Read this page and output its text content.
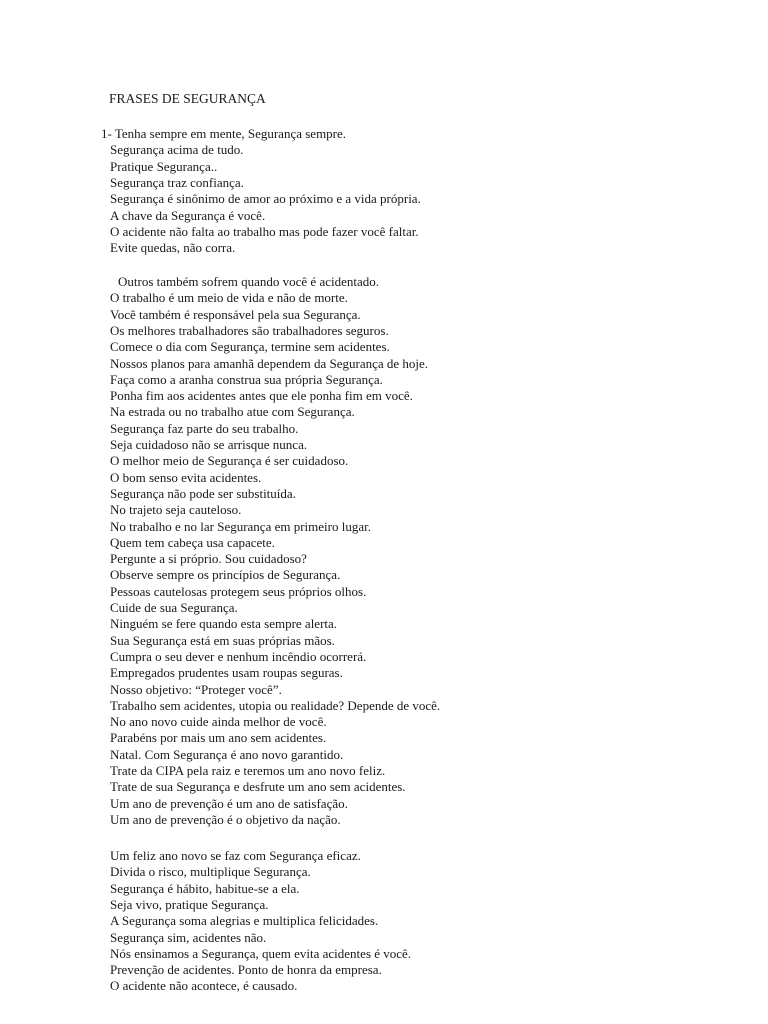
FRASES DE SEGURANÇA
1- Tenha sempre em mente, Segurança sempre.
Segurança acima de tudo.
Pratique Segurança..
Segurança traz confiança.
Segurança é sinônimo de amor ao próximo e a vida própria.
A chave da Segurança é você.
O acidente não falta ao trabalho mas pode fazer você faltar.
Evite quedas, não corra.
Outros também sofrem quando você é acidentado.
O trabalho é um meio de vida e não de morte.
Você também é responsável pela sua Segurança.
Os melhores trabalhadores são trabalhadores seguros.
Comece o dia com Segurança, termine sem acidentes.
Nossos planos para amanhã dependem da Segurança de hoje.
Faça como a aranha construa sua própria Segurança.
Ponha fim aos acidentes antes que ele ponha fim em você.
Na estrada ou no trabalho atue com Segurança.
Segurança faz parte do seu trabalho.
Seja cuidadoso não se arrisque nunca.
O melhor meio de Segurança é ser cuidadoso.
O bom senso evita acidentes.
Segurança não pode ser substituída.
No trajeto seja cauteloso.
No trabalho e no lar Segurança em primeiro lugar.
Quem tem cabeça usa capacete.
Pergunte a si próprio. Sou cuidadoso?
Observe sempre os princípios de Segurança.
Pessoas cautelosas protegem seus próprios olhos.
Cuide de sua Segurança.
Ninguém se fere quando esta sempre alerta.
Sua Segurança está em suas próprias mãos.
Cumpra o seu dever e nenhum incêndio ocorrerá.
Empregados prudentes usam roupas seguras.
Nosso objetivo: “Proteger você”.
Trabalho sem acidentes, utopia ou realidade? Depende de você.
No ano novo cuide ainda melhor de você.
Parabéns por mais um ano sem acidentes.
Natal. Com Segurança é ano novo garantido.
Trate da CIPA pela raiz e teremos um ano novo feliz.
Trate de sua Segurança e desfrute um ano sem acidentes.
Um ano de prevenção é um ano de satisfação.
Um ano de prevenção é o objetivo da nação.
Um feliz ano novo se faz com Segurança eficaz.
Divida o risco, multiplique Segurança.
Segurança é hábito, habitue-se a ela.
Seja vivo, pratique Segurança.
A Segurança soma alegrias e multiplica felicidades.
Segurança sim, acidentes não.
Nós ensinamos a Segurança, quem evita acidentes é você.
Prevenção de acidentes. Ponto de honra da empresa.
O acidente não acontece, é causado.
